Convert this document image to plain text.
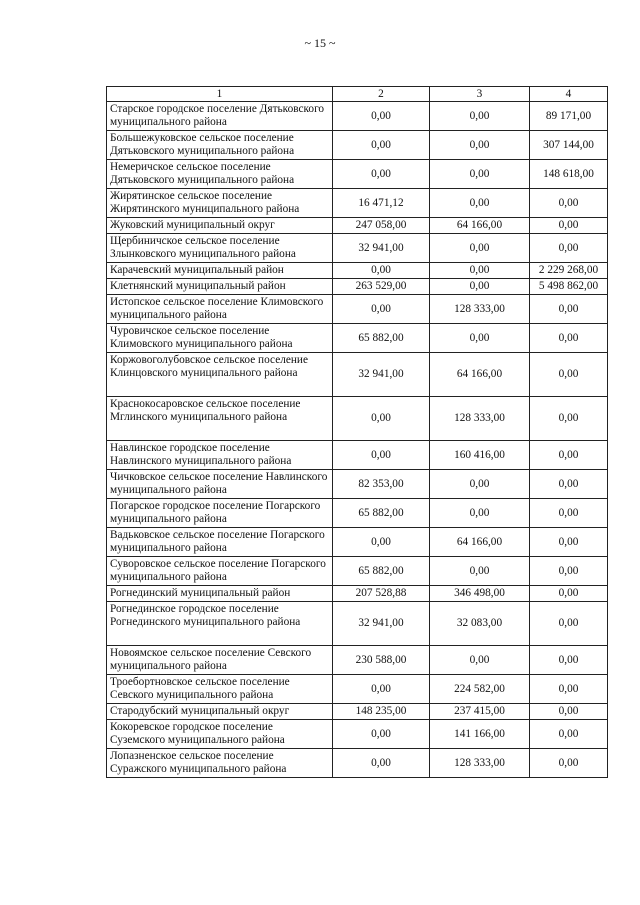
~ 15 ~
1	2	3	4
Старское городское поселение Дятьковского муниципального района	0,00	0,00	89 171,00
Большежуковское сельское поселение Дятьковского муниципального района	0,00	0,00	307 144,00
Немеричское сельское поселение Дятьковского муниципального района	0,00	0,00	148 618,00
Жирятинское сельское поселение Жирятинского муниципального района	16 471,12	0,00	0,00
Жуковский муниципальный округ	247 058,00	64 166,00	0,00
Щербиничское сельское поселение Злынковского муниципального района	32 941,00	0,00	0,00
Карачевский муниципальный район	0,00	0,00	2 229 268,00
Клетнянский муниципальный район	263 529,00	0,00	5 498 862,00
Истопское сельское поселение Климовского муниципального района	0,00	128 333,00	0,00
Чуровичское сельское поселение Климовского муниципального района	65 882,00	0,00	0,00
Коржовоголубовское сельское поселение Клинцовского муниципального района	32 941,00	64 166,00	0,00
Краснокосаровское сельское поселение Мглинского муниципального района	0,00	128 333,00	0,00
Навлинское городское поселение Навлинского муниципального района	0,00	160 416,00	0,00
Чичковское сельское поселение Навлинского муниципального района	82 353,00	0,00	0,00
Погарское городское поселение Погарского муниципального района	65 882,00	0,00	0,00
Вадьковское сельское поселение Погарского муниципального района	0,00	64 166,00	0,00
Суворовское сельское поселение Погарского муниципального района	65 882,00	0,00	0,00
Рогнединский муниципальный район	207 528,88	346 498,00	0,00
Рогнединское городское поселение Рогнединского муниципального района	32 941,00	32 083,00	0,00
Новоямское сельское поселение Севского муниципального района	230 588,00	0,00	0,00
Троебортновское сельское поселение Севского муниципального района	0,00	224 582,00	0,00
Стародубский муниципальный округ	148 235,00	237 415,00	0,00
Кокоревское городское поселение Суземского муниципального района	0,00	141 166,00	0,00
Лопазненское сельское поселение Суражского муниципального района	0,00	128 333,00	0,00
